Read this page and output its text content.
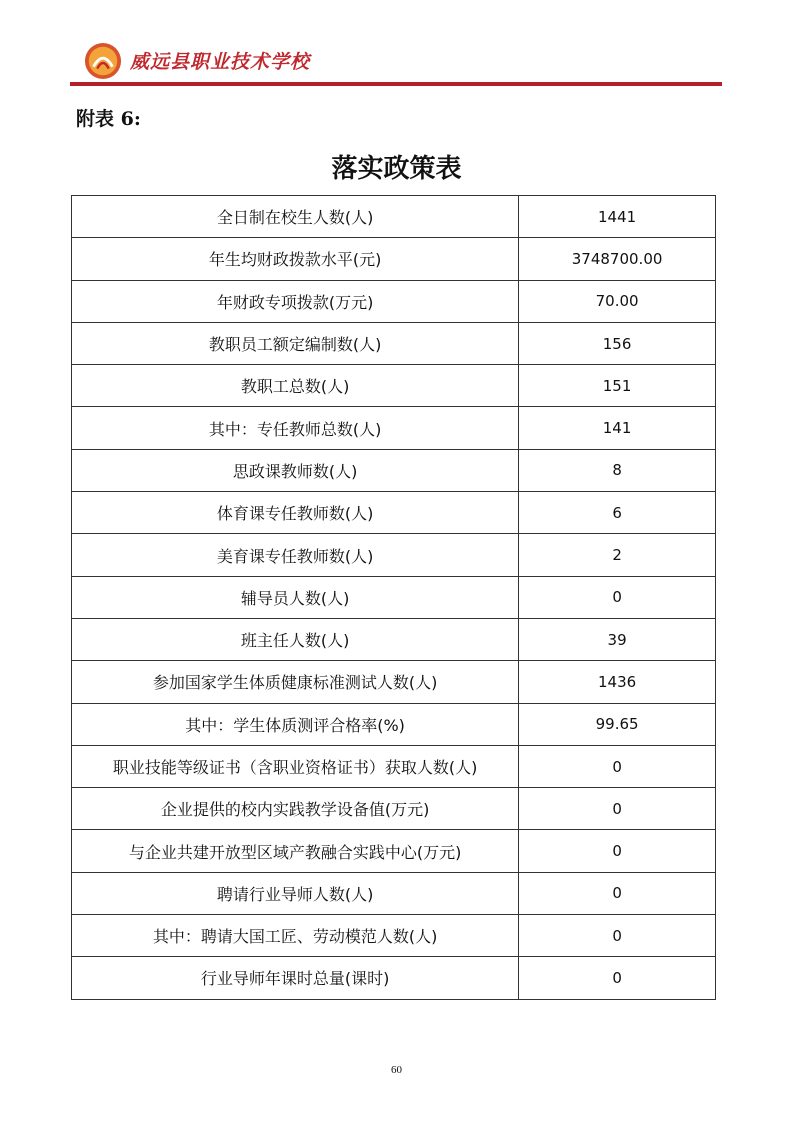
威远县职业技术学校
附表 6:
落实政策表
全日制在校生人数(人)	1441
年生均财政拨款水平(元)	3748700.00
年财政专项拨款(万元)	70.00
教职员工额定编制数(人)	156
教职工总数(人)	151
其中：专任教师总数(人)	141
思政课教师数(人)	8
体育课专任教师数(人)	6
美育课专任教师数(人)	2
辅导员人数(人)	0
班主任人数(人)	39
参加国家学生体质健康标准测试人数(人)	1436
其中：学生体质测评合格率(%)	99.65
职业技能等级证书（含职业资格证书）获取人数(人)	0
企业提供的校内实践教学设备值(万元)	0
与企业共建开放型区域产教融合实践中心(万元)	0
聘请行业导师人数(人)	0
其中：聘请大国工匠、劳动模范人数(人)	0
行业导师年课时总量(课时)	0
60
